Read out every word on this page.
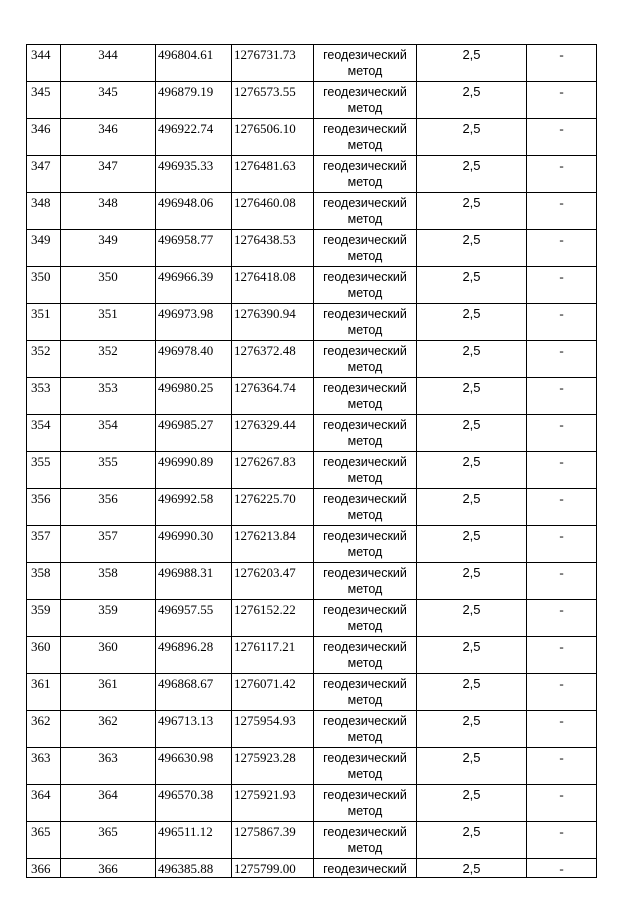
344	344	496804.61	1276731.73	геодезический
метод	2,5	-
345	345	496879.19	1276573.55	геодезический
метод	2,5	-
346	346	496922.74	1276506.10	геодезический
метод	2,5	-
347	347	496935.33	1276481.63	геодезический
метод	2,5	-
348	348	496948.06	1276460.08	геодезический
метод	2,5	-
349	349	496958.77	1276438.53	геодезический
метод	2,5	-
350	350	496966.39	1276418.08	геодезический
метод	2,5	-
351	351	496973.98	1276390.94	геодезический
метод	2,5	-
352	352	496978.40	1276372.48	геодезический
метод	2,5	-
353	353	496980.25	1276364.74	геодезический
метод	2,5	-
354	354	496985.27	1276329.44	геодезический
метод	2,5	-
355	355	496990.89	1276267.83	геодезический
метод	2,5	-
356	356	496992.58	1276225.70	геодезический
метод	2,5	-
357	357	496990.30	1276213.84	геодезический
метод	2,5	-
358	358	496988.31	1276203.47	геодезический
метод	2,5	-
359	359	496957.55	1276152.22	геодезический
метод	2,5	-
360	360	496896.28	1276117.21	геодезический
метод	2,5	-
361	361	496868.67	1276071.42	геодезический
метод	2,5	-
362	362	496713.13	1275954.93	геодезический
метод	2,5	-
363	363	496630.98	1275923.28	геодезический
метод	2,5	-
364	364	496570.38	1275921.93	геодезический
метод	2,5	-
365	365	496511.12	1275867.39	геодезический
метод	2,5	-
366	366	496385.88	1275799.00	геодезический	2,5	-
